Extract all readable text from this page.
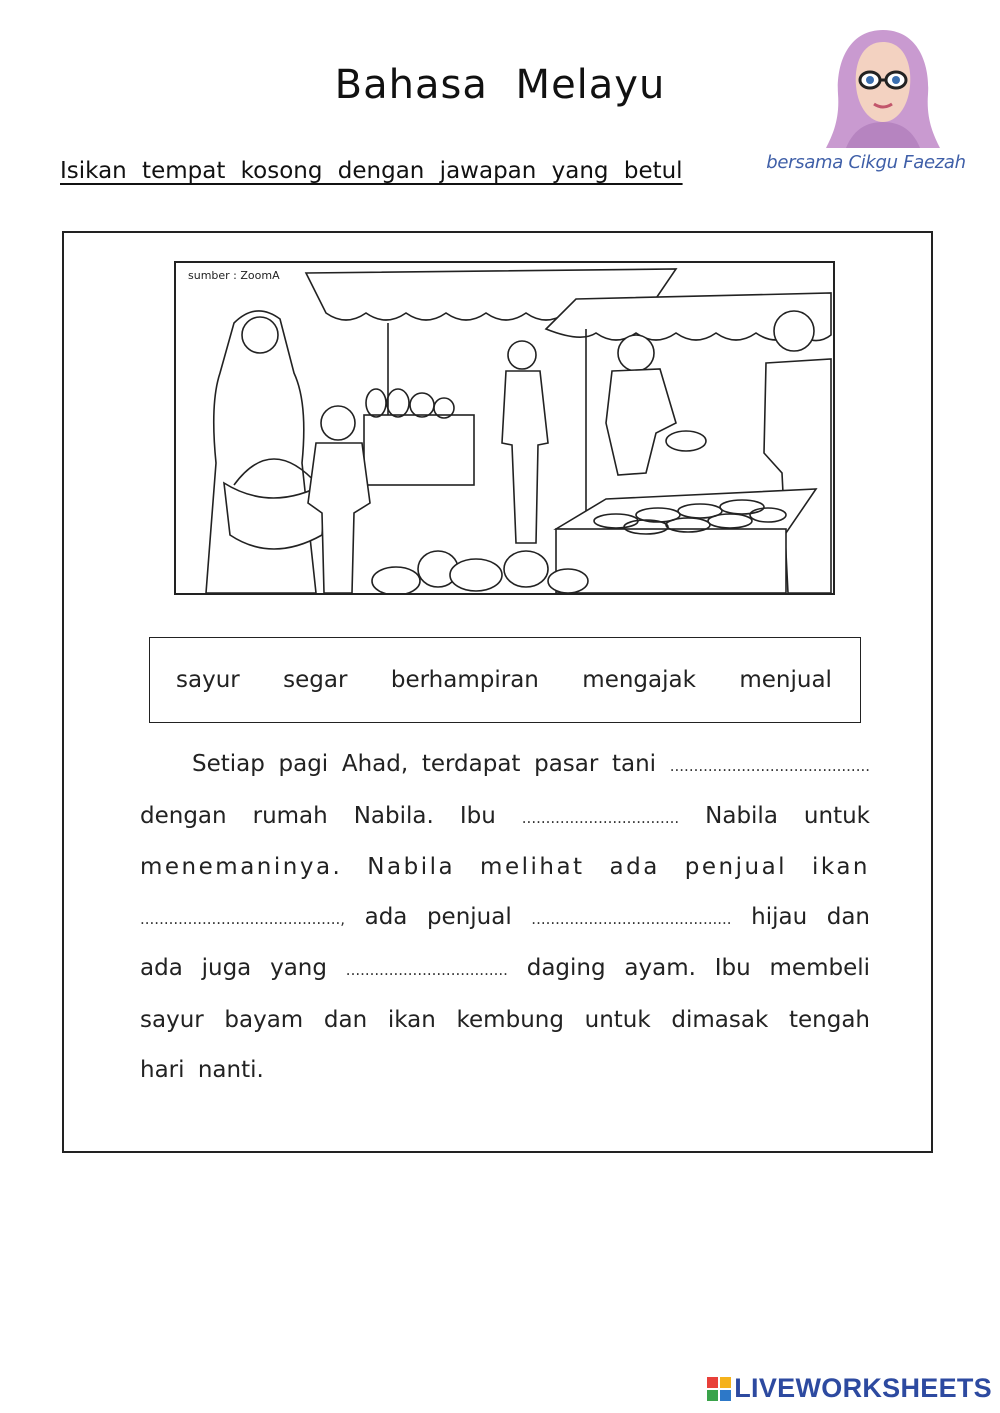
Bahasa Melayu
Isikan tempat kosong dengan jawapan yang betul	bersama Cikgu Faezah
sumber : ZoomA
sayur segar berhampiran mengajak menjual
Setiap pagi Ahad, terdapat pasar tani ..........................................
dengan rumah Nabila. Ibu ................................. Nabila untuk
menemaninya. Nabila melihat ada penjual ikan
.........................................., ada penjual .......................................... hijau dan
ada juga yang .................................. daging ayam. Ibu membeli
sayur bayam dan ikan kembung untuk dimasak tengah
hari nanti.
LIVEWORKSHEETS
